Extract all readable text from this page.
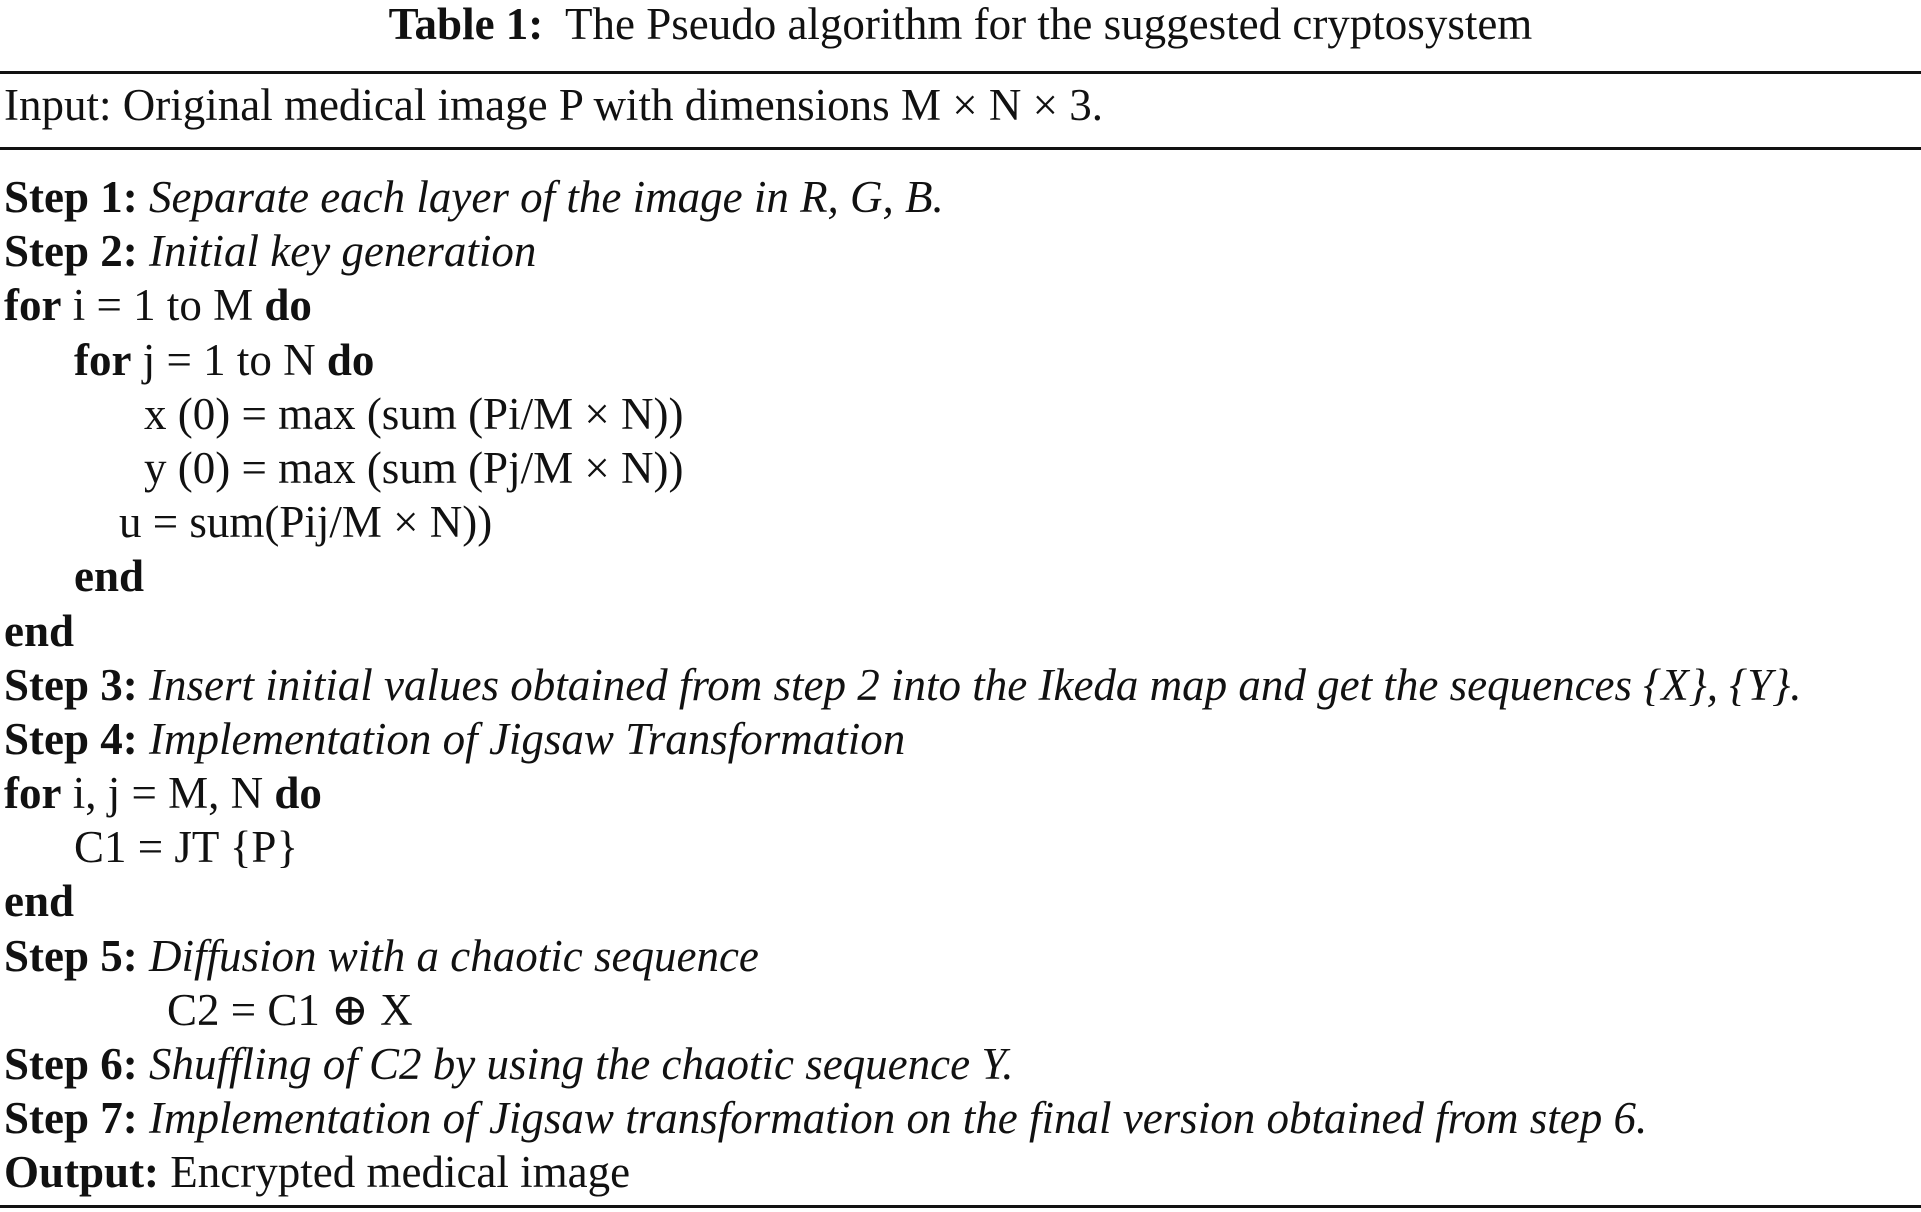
Table 1: The Pseudo algorithm for the suggested cryptosystem
Input: Original medical image P with dimensions M × N × 3.
Step 1: Separate each layer of the image in R, G, B.
Step 2: Initial key generation
for i = 1 to M do
for j = 1 to N do
x (0) = max (sum (Pi/M × N))
y (0) = max (sum (Pj/M × N))
u = sum(Pij/M × N))
end
end
Step 3: Insert initial values obtained from step 2 into the Ikeda map and get the sequences {X}, {Y}.
Step 4: Implementation of Jigsaw Transformation
for i, j = M, N do
C1 = JT {P}
end
Step 5: Diffusion with a chaotic sequence
C2 = C1 ⊕ X
Step 6: Shuffling of C2 by using the chaotic sequence Y.
Step 7: Implementation of Jigsaw transformation on the final version obtained from step 6.
Output: Encrypted medical image
